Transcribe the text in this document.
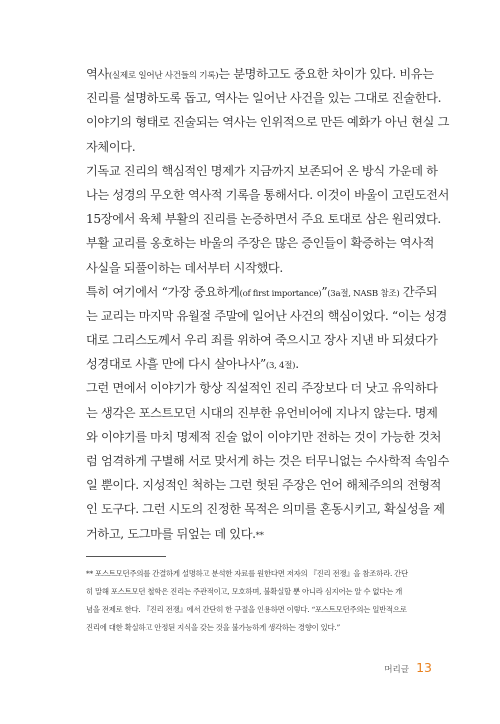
역사(실제로 일어난 사건들의 기록)는 분명하고도 중요한 차이가 있다. 비유는
진리를 설명하도록 돕고, 역사는 일어난 사건을 있는 그대로 진술한다.
이야기의 형태로 진술되는 역사는 인위적으로 만든 예화가 아닌 현실 그
자체이다.
기독교 진리의 핵심적인 명제가 지금까지 보존되어 온 방식 가운데 하
나는 성경의 무오한 역사적 기록을 통해서다. 이것이 바울이 고린도전서
15장에서 육체 부활의 진리를 논증하면서 주요 토대로 삼은 원리였다.
부활 교리를 옹호하는 바울의 주장은 많은 증인들이 확증하는 역사적
사실을 되풀이하는 데서부터 시작했다.
특히 여기에서 “가장 중요하게(of first importance)”(3a절, NASB 참조) 간주되
는 교리는 마지막 유월절 주말에 일어난 사건의 핵심이었다. “이는 성경
대로 그리스도께서 우리 죄를 위하여 죽으시고 장사 지낸 바 되셨다가
성경대로 사흘 만에 다시 살아나사”(3, 4절).
그런 면에서 이야기가 항상 직설적인 진리 주장보다 더 낫고 유익하다
는 생각은 포스트모던 시대의 진부한 유언비어에 지나지 않는다. 명제
와 이야기를 마치 명제적 진술 없이 이야기만 전하는 것이 가능한 것처
럼 엄격하게 구별해 서로 맞서게 하는 것은 터무니없는 수사학적 속임수
일 뿐이다. 지성적인 척하는 그런 헛된 주장은 언어 해체주의의 전형적
인 도구다. 그런 시도의 진정한 목적은 의미를 혼동시키고, 확실성을 제
거하고, 도그마를 뒤엎는 데 있다.**
** 포스트모던주의를 간결하게 설명하고 분석한 자료를 원한다면 저자의 『진리 전쟁』을 참조하라. 간단
히 말해 포스트모던 철학은 진리는 주관적이고, 모호하며, 불확실할 뿐 아니라 심지어는 알 수 없다는 개
념을 전제로 한다. 『진리 전쟁』에서 간단히 한 구절을 인용하면 이렇다. “포스트모던주의는 일반적으로
진리에 대한 확실하고 안정된 지식을 갖는 것을 불가능하게 생각하는 경향이 있다.”
머리글 13
